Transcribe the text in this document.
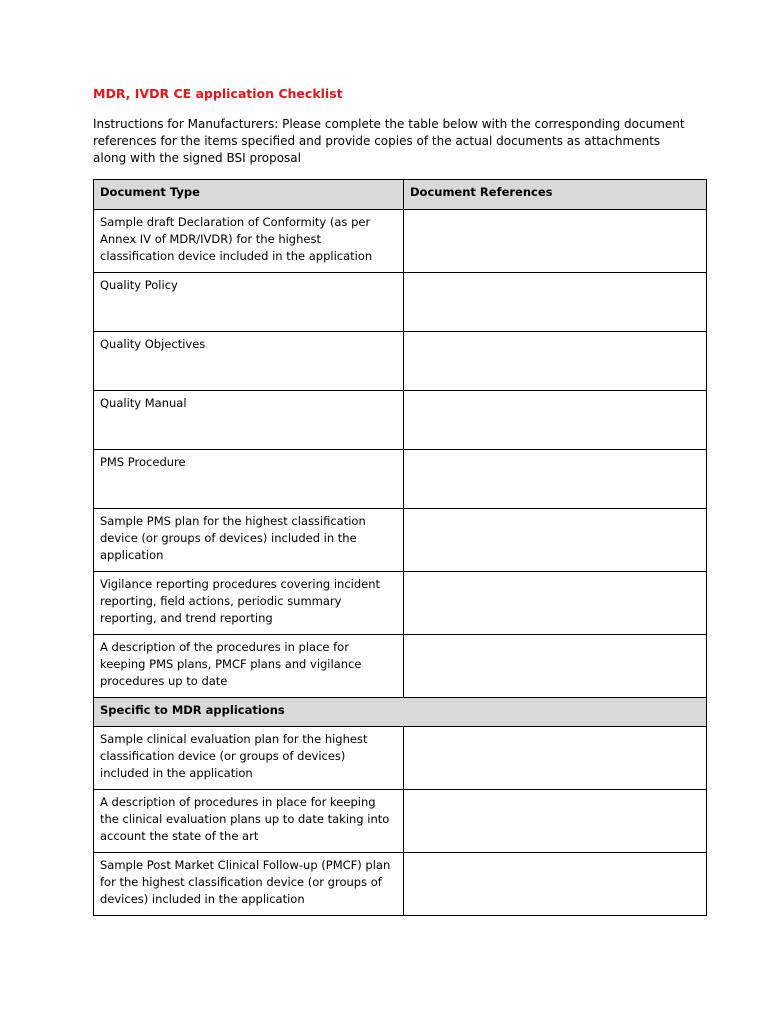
MDR, IVDR CE application Checklist

Instructions for Manufacturers: Please complete the table below with the corresponding document references for the items specified and provide copies of the actual documents as attachments along with the signed BSI proposal

Document Type	Document References
Sample draft Declaration of Conformity (as per Annex IV of MDR/IVDR) for the highest classification device included in the application	
Quality Policy	
Quality Objectives	
Quality Manual	
PMS Procedure	
Sample PMS plan for the highest classification device (or groups of devices) included in the application	
Vigilance reporting procedures covering incident reporting, field actions, periodic summary reporting, and trend reporting	
A description of the procedures in place for keeping PMS plans, PMCF plans and vigilance procedures up to date	
Specific to MDR applications	
Sample clinical evaluation plan for the highest classification device (or groups of devices) included in the application	
A description of procedures in place for keeping the clinical evaluation plans up to date taking into account the state of the art	
Sample Post Market Clinical Follow-up (PMCF) plan for the highest classification device (or groups of devices) included in the application	
